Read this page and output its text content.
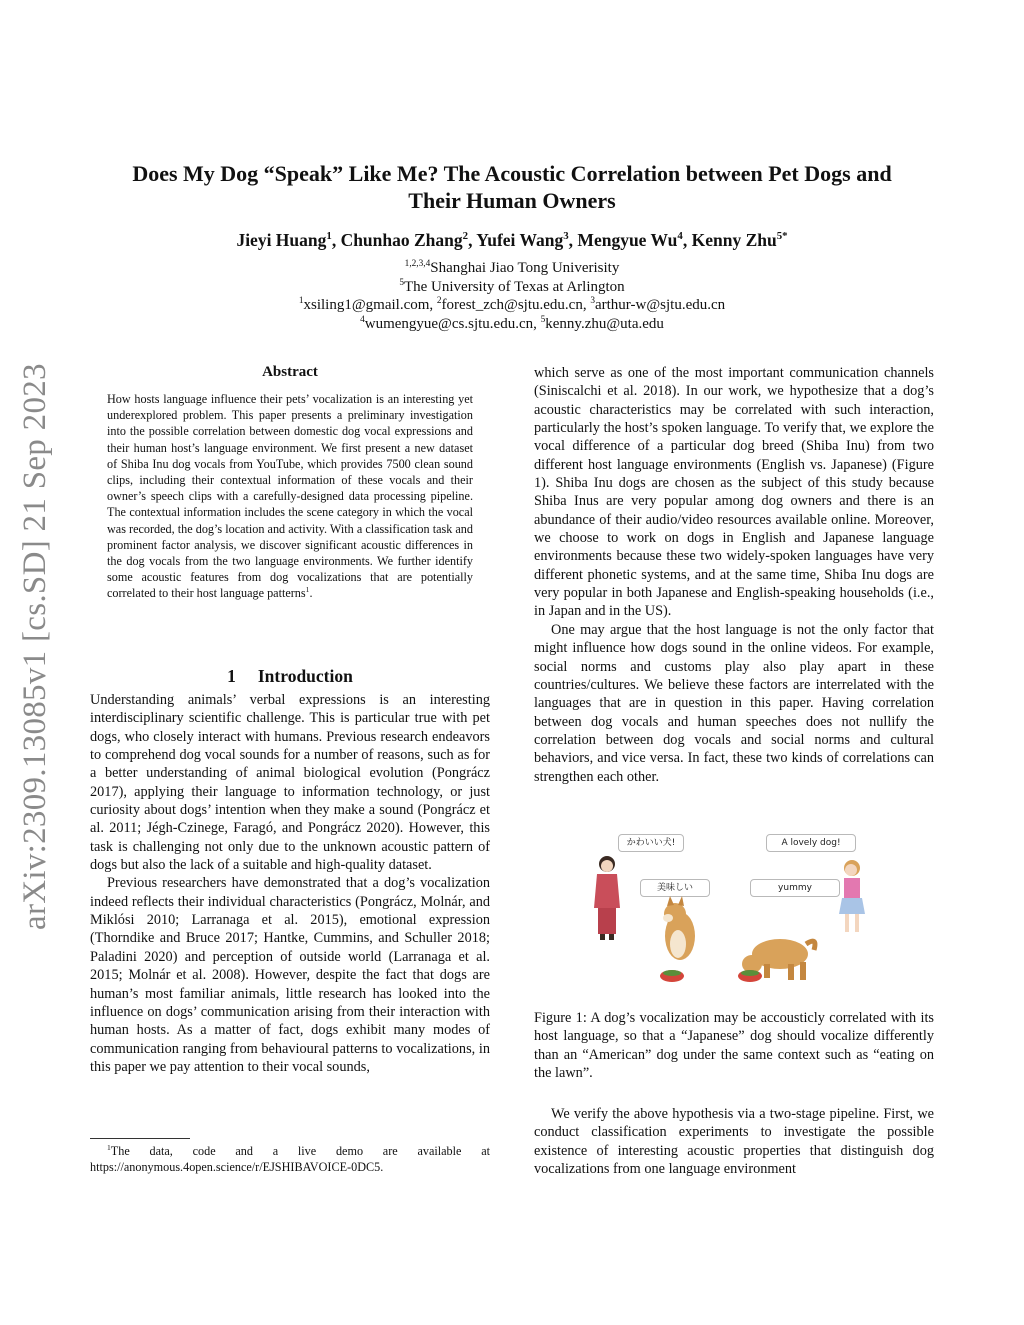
arXiv:2309.13085v1 [cs.SD] 21 Sep 2023
Does My Dog “Speak” Like Me? The Acoustic Correlation between Pet Dogs and
Their Human Owners
Jieyi Huang$^1$, Chunhao Zhang$^2$, Yufei Wang$^3$, Mengyue Wu$^4$, Kenny Zhu$^{5*}$
$^{1,2,3,4}$Shanghai Jiao Tong Univerisity
$^5$The University of Texas at Arlington
$^1$xsiling1@gmail.com, $^2$forest_zch@sjtu.edu.cn, $^3$arthur-w@sjtu.edu.cn
$^4$wumengyue@cs.sjtu.edu.cn, $^5$kenny.zhu@uta.edu
Abstract
How hosts language influence their pets’ vocalization is an interesting yet underexplored problem. This paper presents a preliminary investigation into the possible correlation between domestic dog vocal expressions and their human host’s language environment. We first present a new dataset of Shiba Inu dog vocals from YouTube, which provides 7500 clean sound clips, including their contextual information of these vocals and their owner’s speech clips with a carefully-designed data processing pipeline. The contextual information includes the scene category in which the vocal was recorded, the dog’s location and activity. With a classification task and prominent factor analysis, we discover significant acoustic differences in the dog vocals from the two language environments. We further identify some acoustic features from dog vocalizations that are potentially correlated to their host language patterns$^1$.
1 Introduction

Understanding animals’ verbal expressions is an interesting interdisciplinary scientific challenge. This is particular true with pet dogs, who closely interact with humans. Previous research endeavors to comprehend dog vocal sounds for a number of reasons, such as for a better understanding of animal biological evolution (Pongrácz 2017), applying their language to information technology, or just curiosity about dogs’ intention when they make a sound (Pongrácz et al. 2011; Jégh-Czinege, Faragó, and Pongrácz 2020). However, this task is challenging not only due to the unknown acoustic pattern of dogs but also the lack of a suitable and high-quality dataset.

Previous researchers have demonstrated that a dog’s vocalization indeed reflects their individual characteristics (Pongrácz, Molnár, and Miklósi 2010; Larranaga et al. 2015), emotional expression (Thorndike and Bruce 2017; Hantke, Cummins, and Schuller 2018; Paladini 2020) and perception of outside world (Larranaga et al. 2015; Molnár et al. 2008). However, despite the fact that dogs are human’s most familiar animals, little research has looked into the influence on dogs’ communication arising from their interaction with human hosts. As a matter of fact, dogs exhibit many modes of communication ranging from behavioural patterns to vocalizations, in this paper we pay attention to their vocal sounds,

$^1$The data, code and a live demo are available at https://anonymous.4open.science/r/EJSHIBAVOICE-0DC5.

which serve as one of the most important communication channels (Siniscalchi et al. 2018). In our work, we hypothesize that a dog’s acoustic characteristics may be correlated with such interaction, particularly the host’s spoken language. To verify that, we explore the vocal difference of a particular dog breed (Shiba Inu) from two different host language environments (English vs. Japanese) (Figure 1). Shiba Inu dogs are chosen as the subject of this study because Shiba Inus are very popular among dog owners and there is an abundance of their audio/video resources available online. Moreover, we choose to work on dogs in English and Japanese language environments because these two widely-spoken languages have very different phonetic systems, and at the same time, Shiba Inu dogs are very popular in both Japanese and English-speaking households (i.e., in Japan and in the US).

One may argue that the host language is not the only factor that might influence how dogs sound in the online videos. For example, social norms and customs play also play apart in these countries/cultures. We believe these factors are interrelated with the languages that are in question in this paper. Having correlation between dog vocals and human speeches does not nullify the correlation between dog vocals and social norms and cultural behaviors, and vice versa. In fact, these two kinds of correlations can strengthen each other.

かわいい犬!
美味しい
A lovely dog!
yummy
Figure 1: A dog’s vocalization may be accousticly correlated with its host language, so that a “Japanese” dog should vocalize differently than an “American” dog under the same context such as “eating on the lawn”.
We verify the above hypothesis via a two-stage pipeline. First, we conduct classification experiments to investigate the possible existence of interesting acoustic properties that distinguish dog vocalizations from one language environment
